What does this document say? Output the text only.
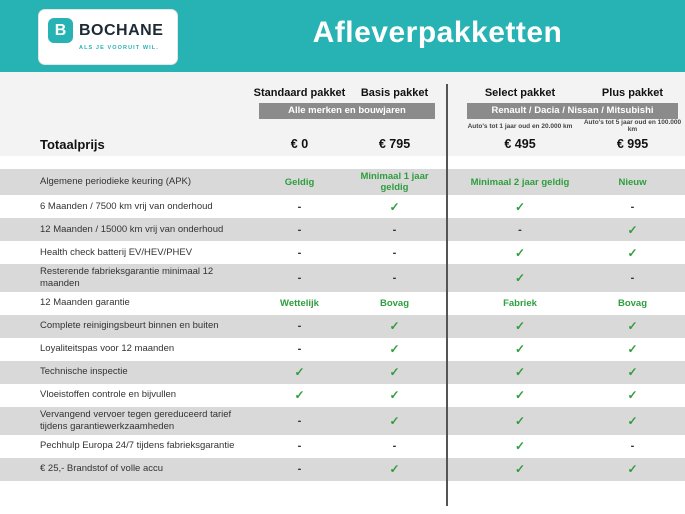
B BOCHANE
ALS JE VOORUIT WIL.	Afleverpakketten
Standaard pakket	Basis pakket	Select pakket	Plus pakket
Alle merken en bouwjaren	Renault / Dacia / Nissan / Mitsubishi
Auto's tot 1 jaar oud en 20.000 km	Auto's tot 5 jaar oud en 100.000 km
Totaalprijs	€ 0	€ 795	€ 495	€ 995
Algemene periodieke keuring (APK)	Geldig	Minimaal 1 jaar geldig	Minimaal 2 jaar geldig	Nieuw
6 Maanden / 7500 km vrij van onderhoud	-	✓	✓	-
12 Maanden / 15000 km vrij van onderhoud	-	-	-	✓
Health check batterij EV/HEV/PHEV	-	-	✓	✓
Resterende fabrieksgarantie minimaal 12 maanden	-	-	✓	-
12 Maanden garantie	Wettelijk	Bovag	Fabriek	Bovag
Complete reinigingsbeurt binnen en buiten	-	✓	✓	✓
Loyaliteitspas voor 12 maanden	-	✓	✓	✓
Technische inspectie	✓	✓	✓	✓
Vloeistoffen controle en bijvullen	✓	✓	✓	✓
Vervangend vervoer tegen gereduceerd tarief tijdens garantiewerkzaamheden	-	✓	✓	✓
Pechhulp Europa 24/7 tijdens fabrieksgarantie	-	-	✓	-
€ 25,- Brandstof of volle accu	-	✓	✓	✓
